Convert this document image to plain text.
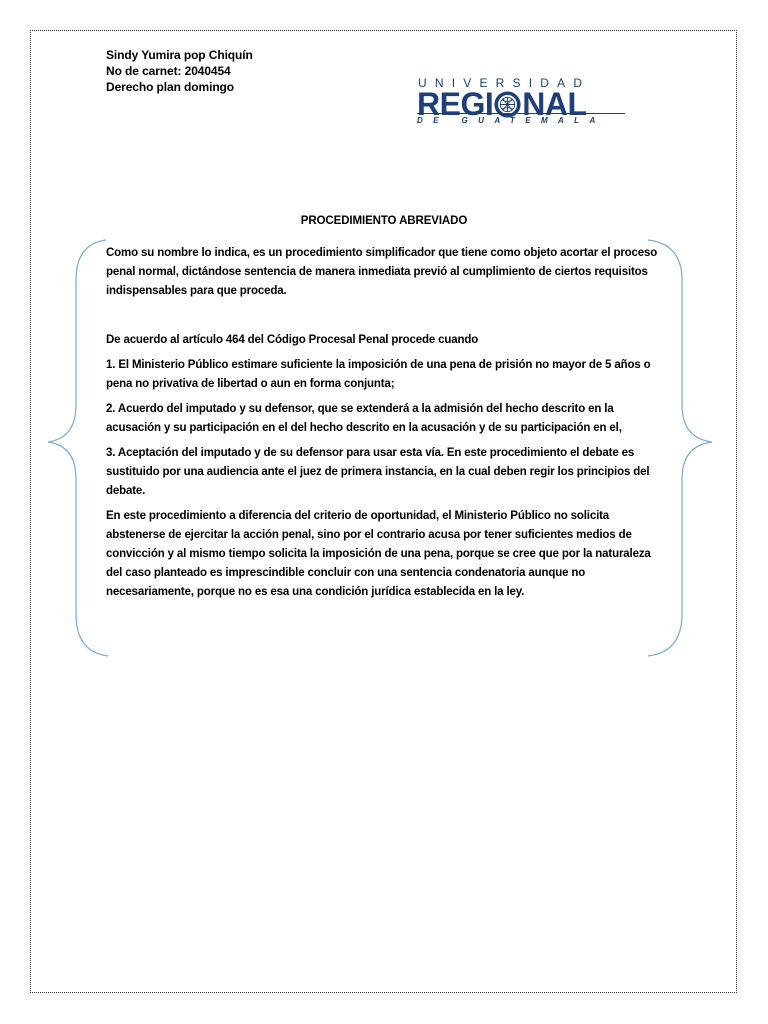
Sindy Yumira pop Chiquín
No de carnet: 2040454
Derecho plan domingo	UNIVERSIDAD
REGI NAL
DE GUATEMALA
PROCEDIMIENTO ABREVIADO

Como su nombre lo indica, es un procedimiento simplificador que tiene como objeto acortar el proceso penal normal, dictándose sentencia de manera inmediata previó al cumplimiento de ciertos requisitos indispensables para que proceda.

De acuerdo al artículo 464 del Código Procesal Penal procede cuando

1. El Ministerio Público estimare suficiente la imposición de una pena de prisión no mayor de 5 años o pena no privativa de libertad o aun en forma conjunta;

2. Acuerdo del imputado y su defensor, que se extenderá a la admisión del hecho descrito en la acusación y su participación en el del hecho descrito en la acusación y de su participación en el,

3. Aceptación del imputado y de su defensor para usar esta vía. En este procedimiento el debate es sustituido por una audiencia ante el juez de primera instancia, en la cual deben regir los principios del debate.

En este procedimiento a diferencia del criterio de oportunidad, el Ministerio Público no solicita abstenerse de ejercitar la acción penal, sino por el contrario acusa por tener suficientes medios de convicción y al mismo tiempo solicita la imposición de una pena, porque se cree que por la naturaleza del caso planteado es imprescindible concluir con una sentencia condenatoria aunque no necesariamente, porque no es esa una condición jurídica establecida en la ley.
